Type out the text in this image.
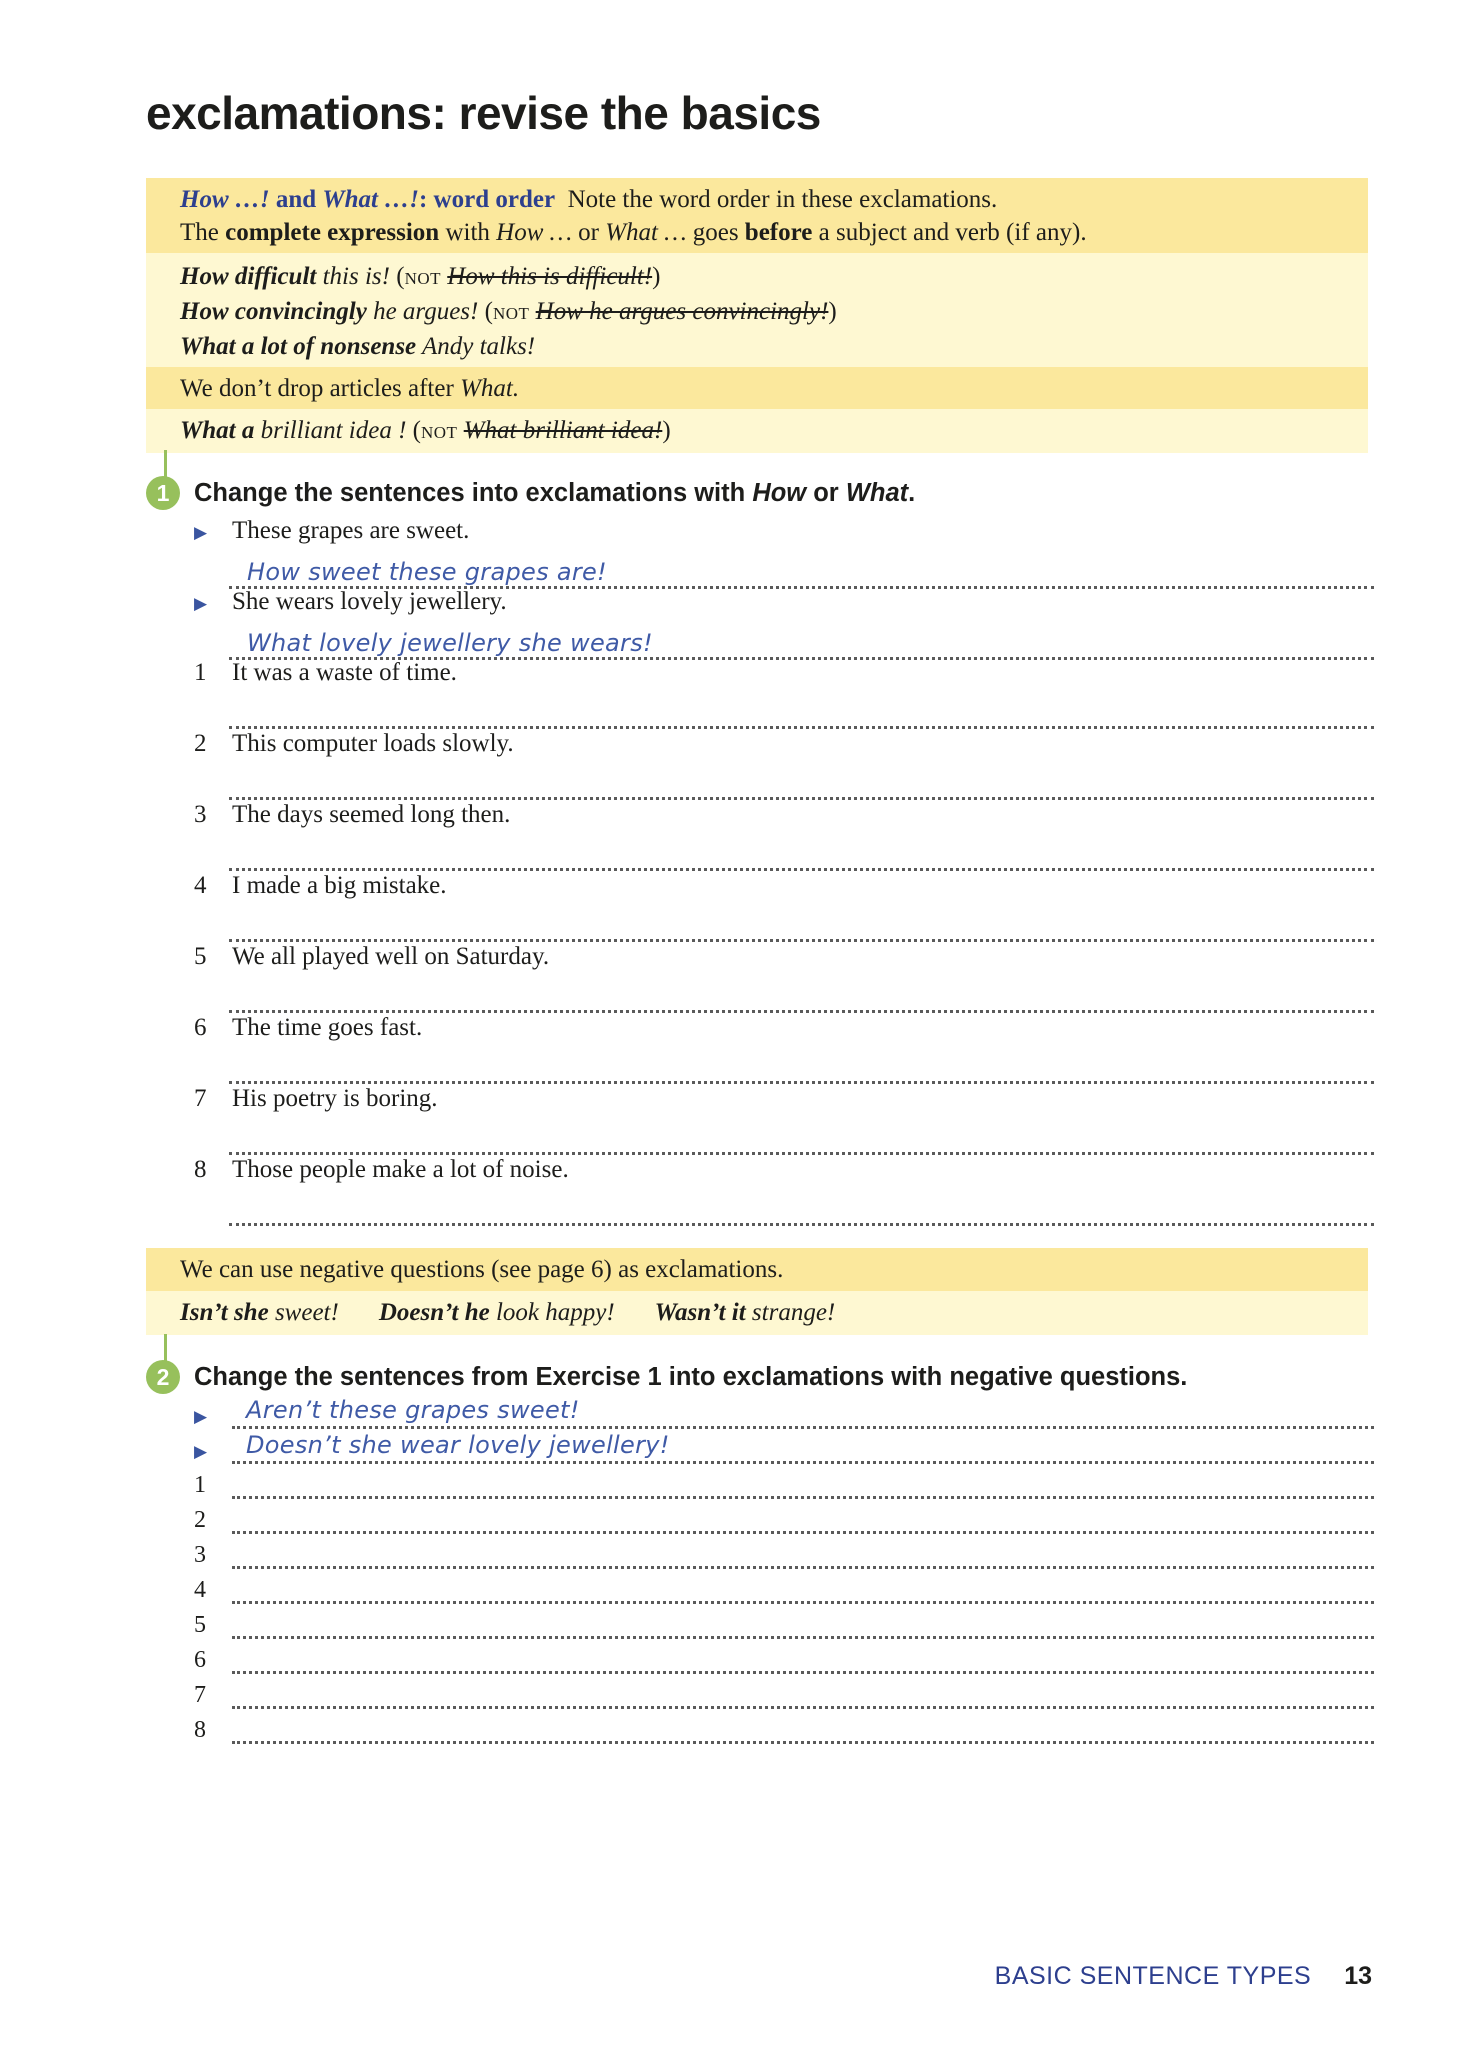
exclamations: revise the basics
How …! and What …!: word order Note the word order in these exclamations.
The complete expression with How … or What … goes before a subject and verb (if any).
How difficult this is! (NOT How this is difficult!)
How convincingly he argues! (NOT How he argues convincingly!)
What a lot of nonsense Andy talks!
We don’t drop articles after What.
What a brilliant idea ! (NOT What brilliant idea!)
1 Change the sentences into exclamations with How or What.
▶ These grapes are sweet.
How sweet these grapes are!
▶ She wears lovely jewellery.
What lovely jewellery she wears!
1	It was a waste of time.
2	This computer loads slowly.
3	The days seemed long then.
4	I made a big mistake.
5	We all played well on Saturday.
6	The time goes fast.
7	His poetry is boring.
8	Those people make a lot of noise.
We can use negative questions (see page 6) as exclamations.
Isn’t she sweet! Doesn’t he look happy! Wasn’t it strange!
2 Change the sentences from Exercise 1 into exclamations with negative questions.
▶	Aren’t these grapes sweet!
▶	Doesn’t she wear lovely jewellery!
1
2
3
4
5
6
7
8
BASIC SENTENCE TYPES 13
